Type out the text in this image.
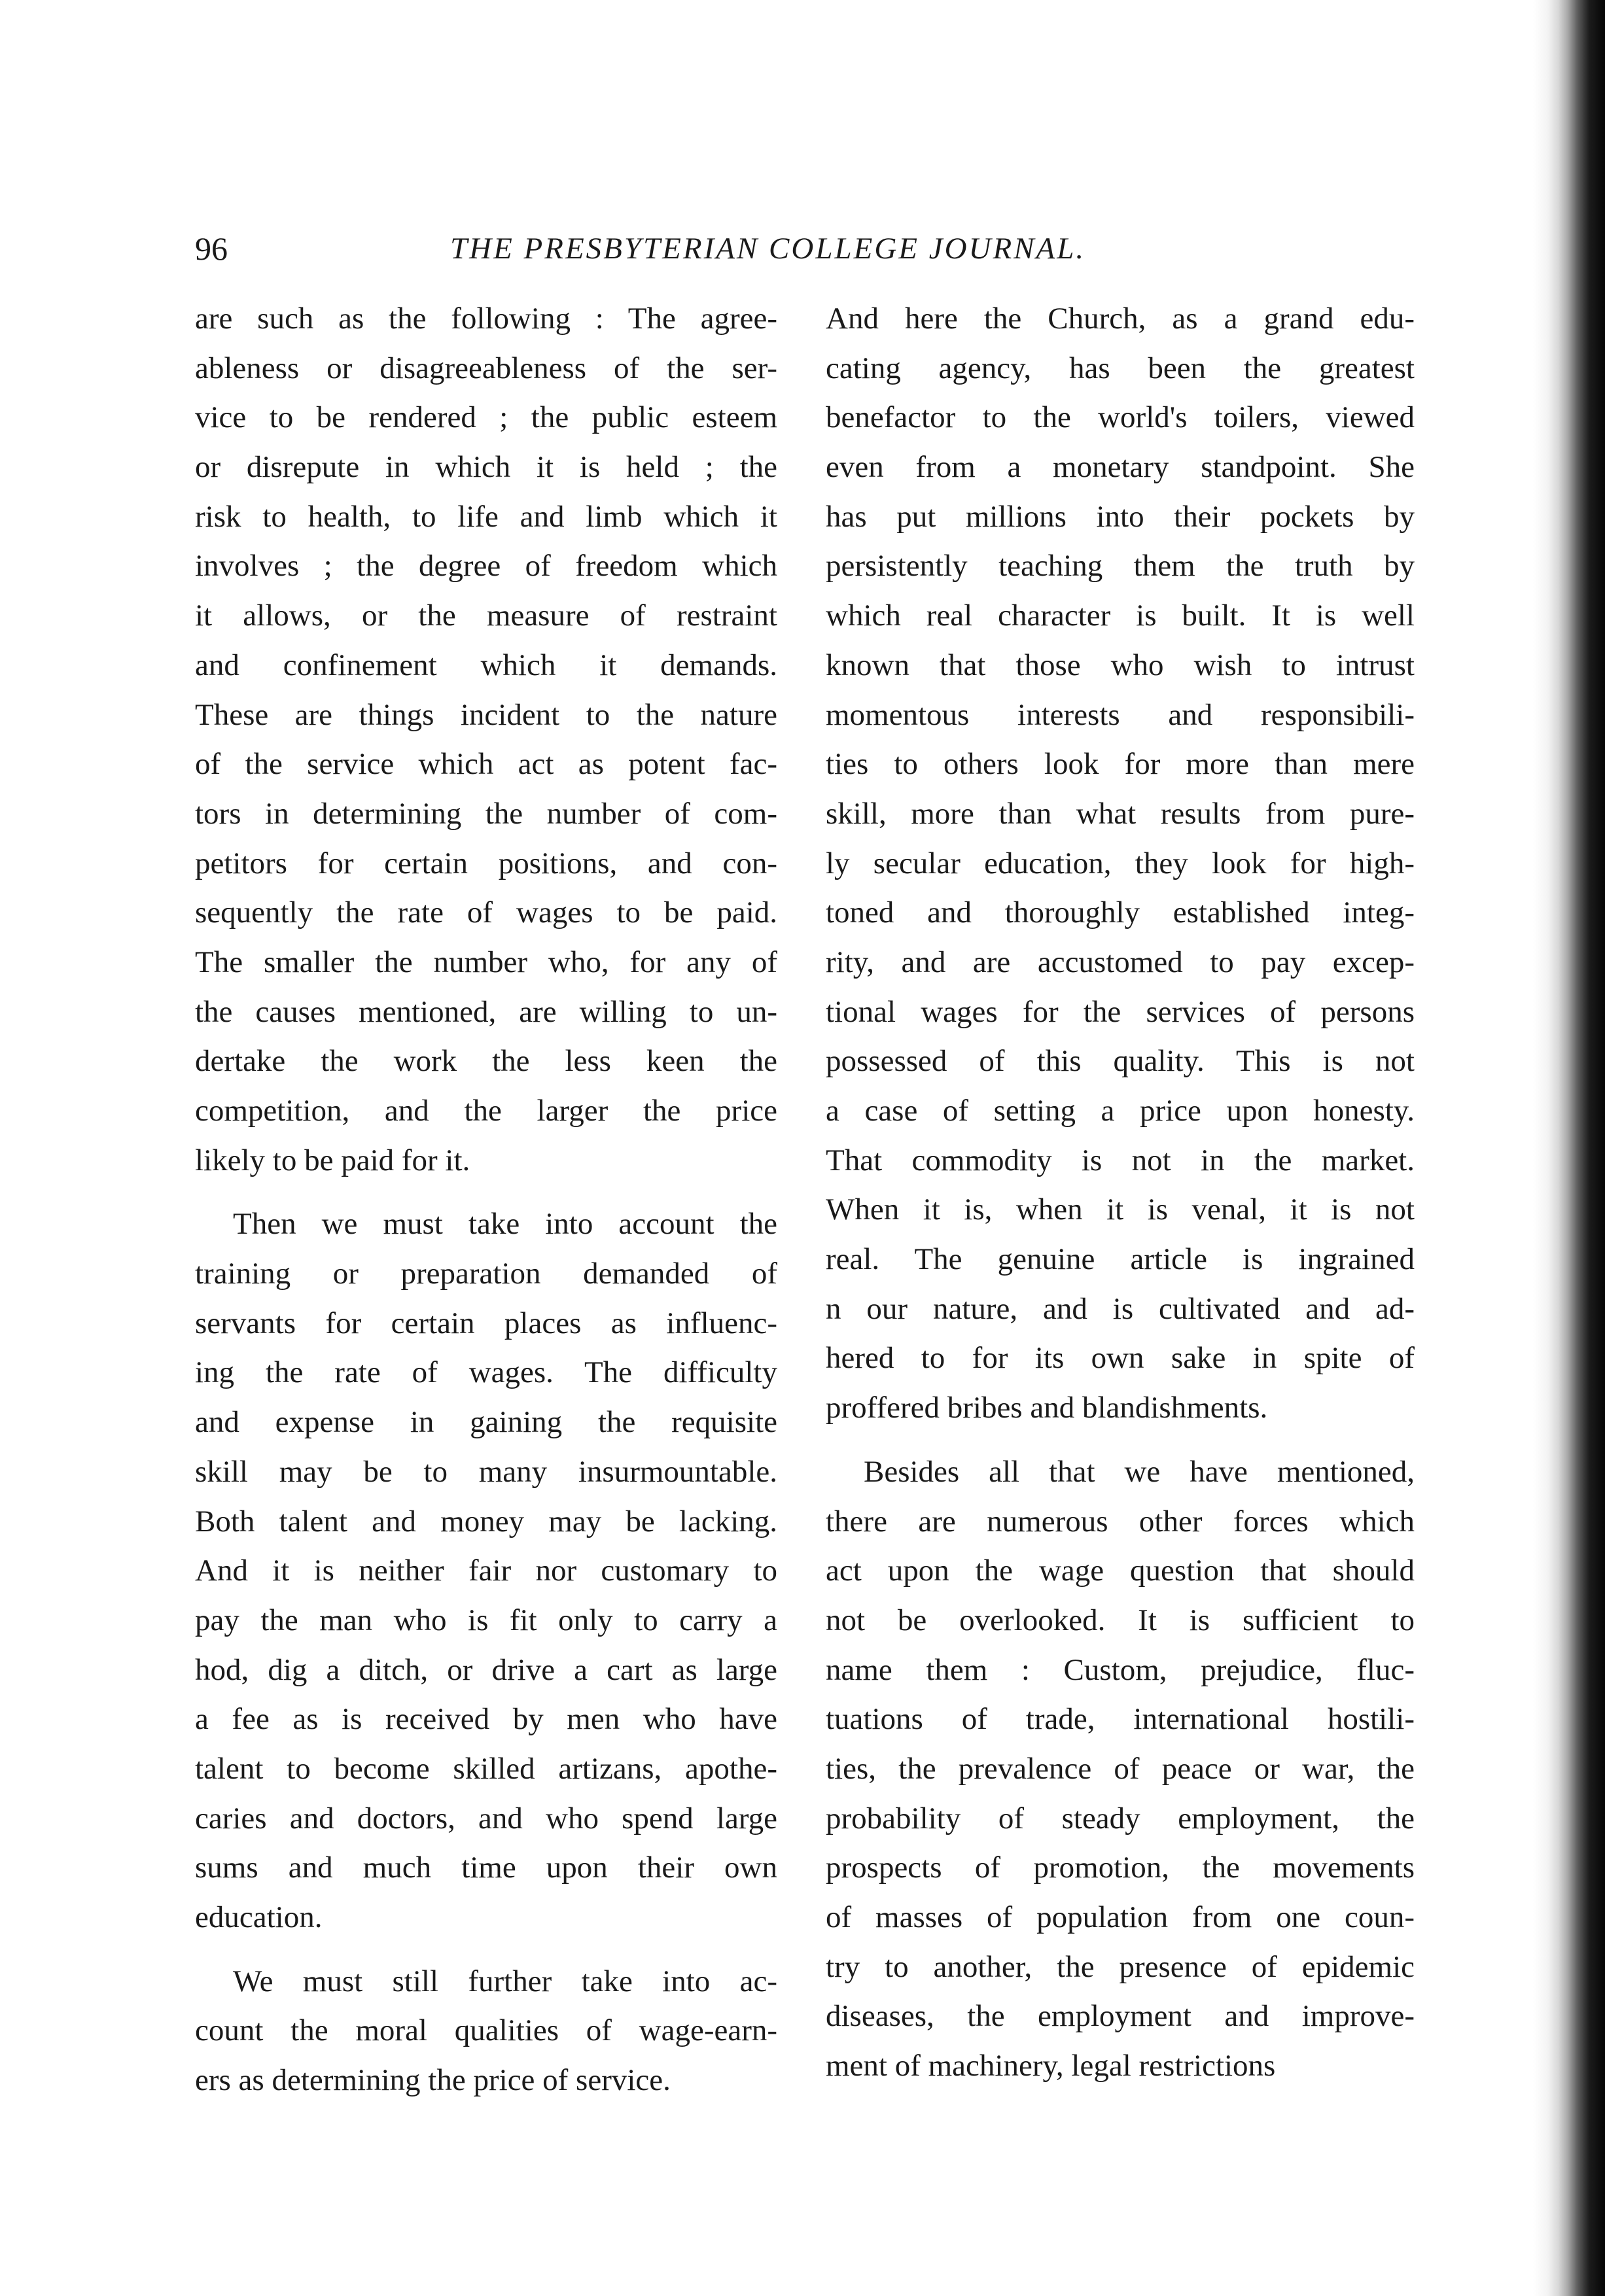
96	THE PRESBYTERIAN COLLEGE JOURNAL.
are such as the following : The agree-
ableness or disagreeableness of the ser-
vice to be rendered ; the public esteem
or disrepute in which it is held ; the
risk to health, to life and limb which it
involves ; the degree of freedom which
it allows, or the measure of restraint
and confinement which it demands.
These are things incident to the nature
of the service which act as potent fac-
tors in determining the number of com-
petitors for certain positions, and con-
sequently the rate of wages to be paid.
The smaller the number who, for any of
the causes mentioned, are willing to un-
dertake the work the less keen the
competition, and the larger the price
likely to be paid for it.
Then we must take into account the
training or preparation demanded of
servants for certain places as influenc-
ing the rate of wages. The difficulty
and expense in gaining the requisite
skill may be to many insurmountable.
Both talent and money may be lacking.
And it is neither fair nor customary to
pay the man who is fit only to carry a
hod, dig a ditch, or drive a cart as large
a fee as is received by men who have
talent to become skilled artizans, apothe-
caries and doctors, and who spend large
sums and much time upon their own
education.
We must still further take into ac-
count the moral qualities of wage-earn-
ers as determining the price of service.
And here the Church, as a grand edu-
cating agency, has been the greatest
benefactor to the world's toilers, viewed
even from a monetary standpoint. She
has put millions into their pockets by
persistently teaching them the truth by
which real character is built. It is well
known that those who wish to intrust
momentous interests and responsibili-
ties to others look for more than mere
skill, more than what results from pure-
ly secular education, they look for high-
toned and thoroughly established integ-
rity, and are accustomed to pay excep-
tional wages for the services of persons
possessed of this quality. This is not
a case of setting a price upon honesty.
That commodity is not in the market.
When it is, when it is venal, it is not
real. The genuine article is ingrained
n our nature, and is cultivated and ad-
hered to for its own sake in spite of
proffered bribes and blandishments.
Besides all that we have mentioned,
there are numerous other forces which
act upon the wage question that should
not be overlooked. It is sufficient to
name them : Custom, prejudice, fluc-
tuations of trade, international hostili-
ties, the prevalence of peace or war, the
probability of steady employment, the
prospects of promotion, the movements
of masses of population from one coun-
try to another, the presence of epidemic
diseases, the employment and improve-
ment of machinery, legal restrictions
